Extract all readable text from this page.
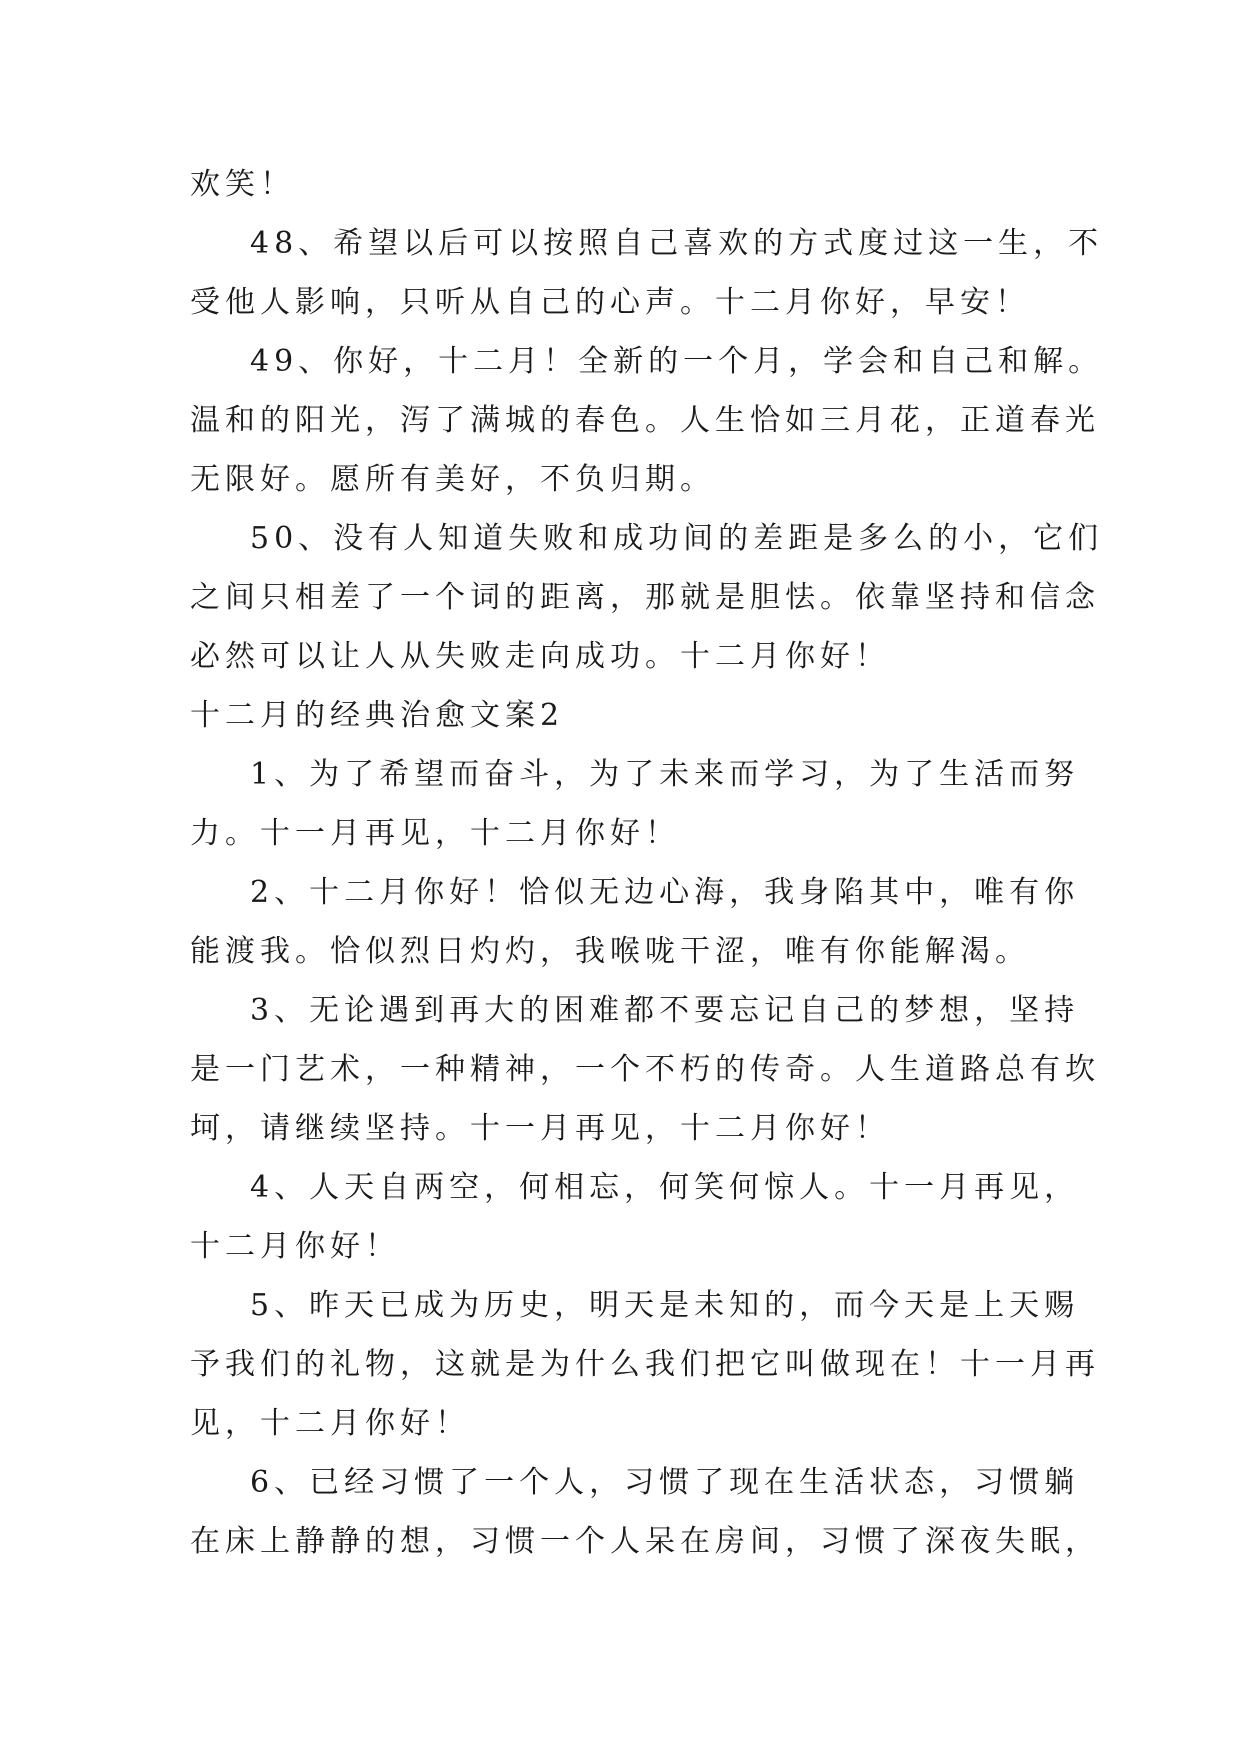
欢笑！
48、希望以后可以按照自己喜欢的方式度过这一生，不
受他人影响，只听从自己的心声。十二月你好，早安！
49、你好，十二月！全新的一个月，学会和自己和解。
温和的阳光，泻了满城的春色。人生恰如三月花，正道春光
无限好。愿所有美好，不负归期。
50、没有人知道失败和成功间的差距是多么的小，它们
之间只相差了一个词的距离，那就是胆怯。依靠坚持和信念
必然可以让人从失败走向成功。十二月你好！
十二月的经典治愈文案2
1、为了希望而奋斗，为了未来而学习，为了生活而努
力。十一月再见，十二月你好！
2、十二月你好！恰似无边心海，我身陷其中，唯有你
能渡我。恰似烈日灼灼，我喉咙干涩，唯有你能解渴。
3、无论遇到再大的困难都不要忘记自己的梦想，坚持
是一门艺术，一种精神，一个不朽的传奇。人生道路总有坎
坷，请继续坚持。十一月再见，十二月你好！
4、人天自两空，何相忘，何笑何惊人。十一月再见，
十二月你好！
5、昨天已成为历史，明天是未知的，而今天是上天赐
予我们的礼物，这就是为什么我们把它叫做现在！十一月再
见，十二月你好！
6、已经习惯了一个人，习惯了现在生活状态，习惯躺
在床上静静的想，习惯一个人呆在房间，习惯了深夜失眠，
